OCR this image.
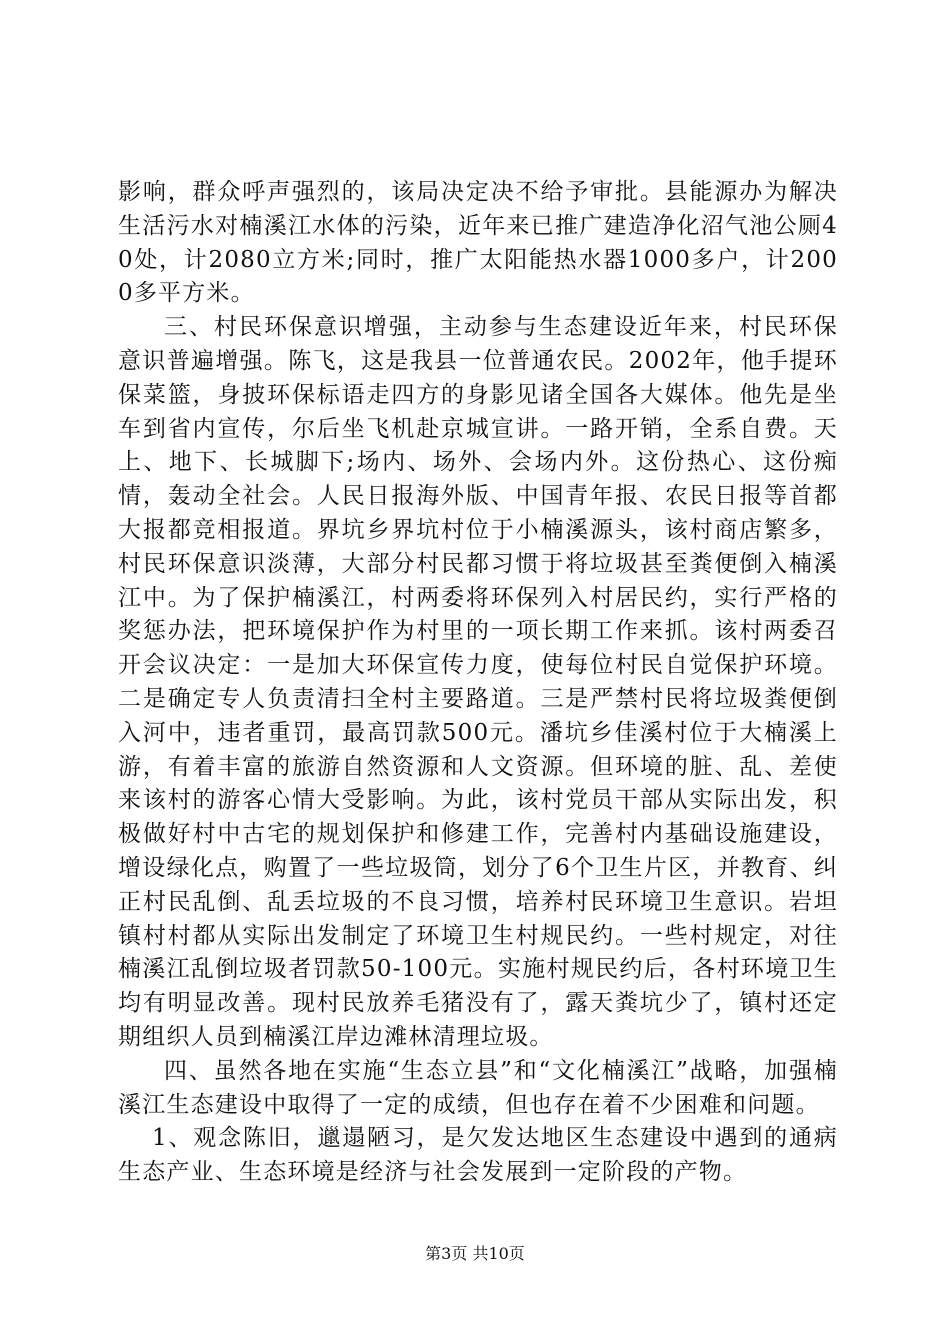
影响，群众呼声强烈的，该局决定决不给予审批。县能源办为解决生活污水对楠溪江水体的污染，近年来已推广建造净化沼气池公厕40处，计2080立方米;同时，推广太阳能热水器1000多户，计2000多平方米。

三、村民环保意识增强，主动参与生态建设近年来，村民环保意识普遍增强。陈飞，这是我县一位普通农民。2002年，他手提环保菜篮，身披环保标语走四方的身影见诸全国各大媒体。他先是坐车到省内宣传，尔后坐飞机赴京城宣讲。一路开销，全系自费。天上、地下、长城脚下;场内、场外、会场内外。这份热心、这份痴情，轰动全社会。人民日报海外版、中国青年报、农民日报等首都大报都竞相报道。界坑乡界坑村位于小楠溪源头，该村商店繁多，村民环保意识淡薄，大部分村民都习惯于将垃圾甚至粪便倒入楠溪江中。为了保护楠溪江，村两委将环保列入村居民约，实行严格的奖惩办法，把环境保护作为村里的一项长期工作来抓。该村两委召开会议决定：一是加大环保宣传力度，使每位村民自觉保护环境。二是确定专人负责清扫全村主要路道。三是严禁村民将垃圾粪便倒入河中，违者重罚，最高罚款500元。潘坑乡佳溪村位于大楠溪上游，有着丰富的旅游自然资源和人文资源。但环境的脏、乱、差使来该村的游客心情大受影响。为此，该村党员干部从实际出发，积极做好村中古宅的规划保护和修建工作，完善村内基础设施建设，增设绿化点，购置了一些垃圾筒，划分了6个卫生片区，并教育、纠正村民乱倒、乱丢垃圾的不良习惯，培养村民环境卫生意识。岩坦镇村村都从实际出发制定了环境卫生村规民约。一些村规定，对往楠溪江乱倒垃圾者罚款50-100元。实施村规民约后，各村环境卫生均有明显改善。现村民放养毛猪没有了，露天粪坑少了，镇村还定期组织人员到楠溪江岸边滩林清理垃圾。

四、虽然各地在实施“生态立县”和“文化楠溪江”战略，加强楠溪江生态建设中取得了一定的成绩，但也存在着不少困难和问题。

1、观念陈旧，邋遢陋习，是欠发达地区生态建设中遇到的通病生态产业、生态环境是经济与社会发展到一定阶段的产物。

第3页 共10页
